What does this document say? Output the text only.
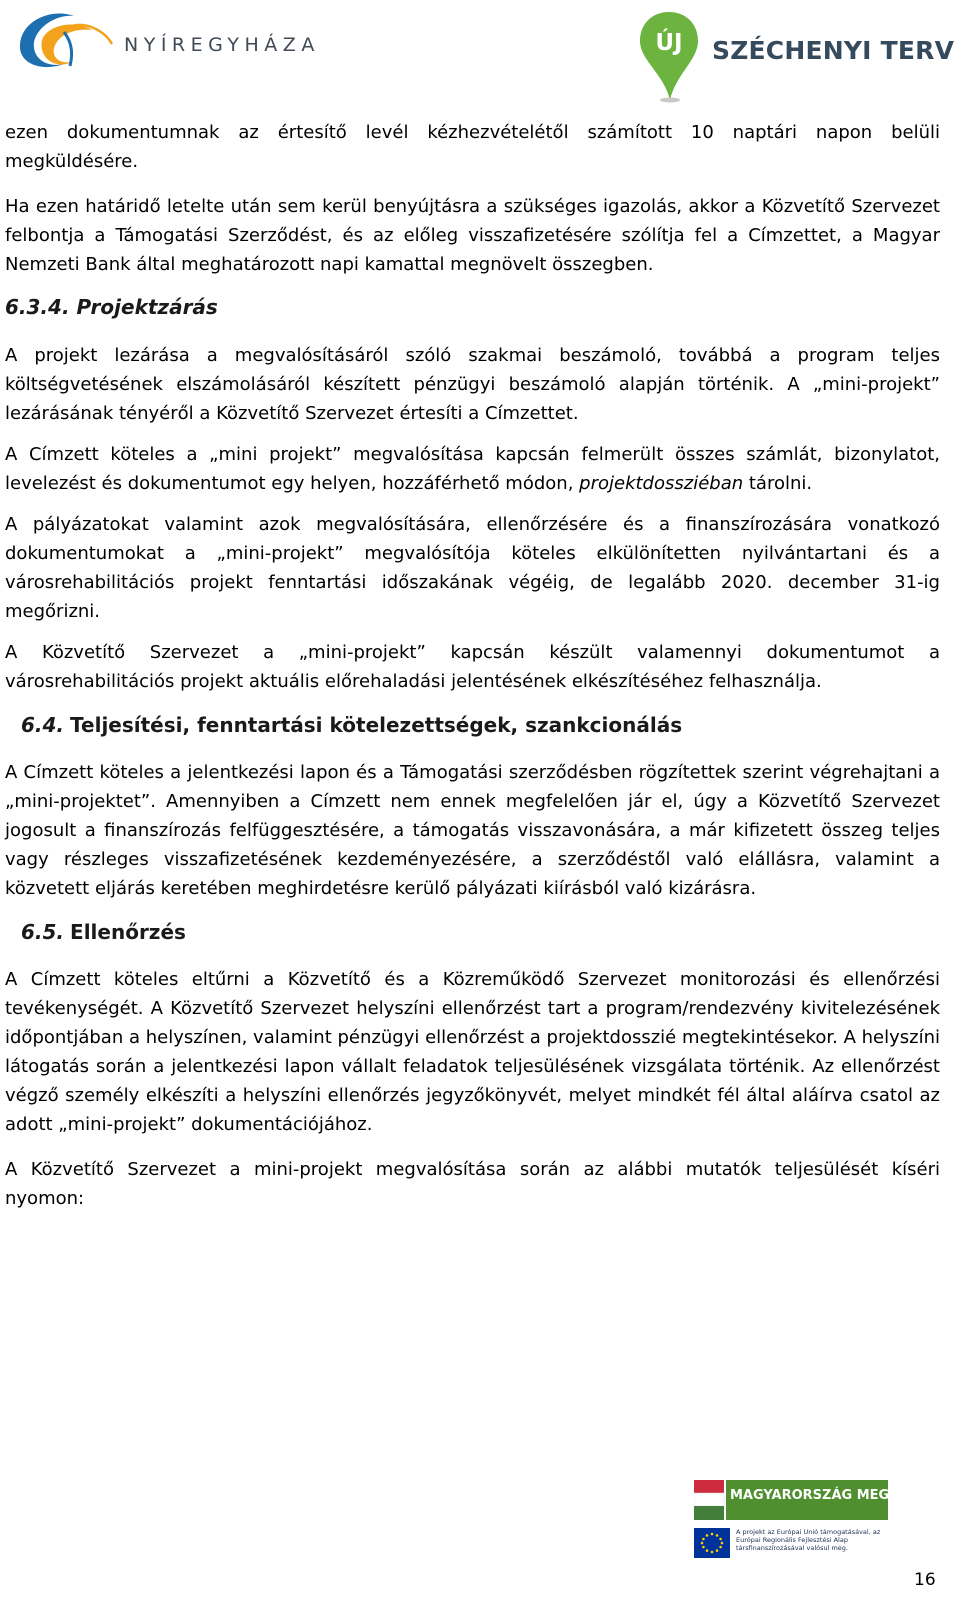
NYÍREGYHÁZA	ÚJ	SZÉCHENYI TERV

ezen dokumentumnak az értesítő levél kézhezvételétől számított 10 naptári napon belüli megküldésére.

Ha ezen határidő letelte után sem kerül benyújtásra a szükséges igazolás, akkor a Közvetítő Szervezet felbontja a Támogatási Szerződést, és az előleg visszafizetésére szólítja fel a Címzettet, a Magyar Nemzeti Bank által meghatározott napi kamattal megnövelt összegben.

6.3.4. Projektzárás

A projekt lezárása a megvalósításáról szóló szakmai beszámoló, továbbá a program teljes költségvetésének elszámolásáról készített pénzügyi beszámoló alapján történik. A „mini-projekt” lezárásának tényéről a Közvetítő Szervezet értesíti a Címzettet.

A Címzett köteles a „mini projekt” megvalósítása kapcsán felmerült összes számlát, bizonylatot, levelezést és dokumentumot egy helyen, hozzáférhető módon, projektdossziéban tárolni.

A pályázatokat valamint azok megvalósítására, ellenőrzésére és a finanszírozására vonatkozó dokumentumokat a „mini-projekt” megvalósítója köteles elkülönítetten nyilvántartani és a városrehabilitációs projekt fenntartási időszakának végéig, de legalább 2020. december 31-ig megőrizni.

A Közvetítő Szervezet a „mini-projekt” kapcsán készült valamennyi dokumentumot a városrehabilitációs projekt aktuális előrehaladási jelentésének elkészítéséhez felhasználja.

6.4. Teljesítési, fenntartási kötelezettségek, szankcionálás

A Címzett köteles a jelentkezési lapon és a Támogatási szerződésben rögzítettek szerint végrehajtani a „mini-projektet”. Amennyiben a Címzett nem ennek megfelelően jár el, úgy a Közvetítő Szervezet jogosult a finanszírozás felfüggesztésére, a támogatás visszavonására, a már kifizetett összeg teljes vagy részleges visszafizetésének kezdeményezésére, a szerződéstől való elállásra, valamint a közvetett eljárás keretében meghirdetésre kerülő pályázati kiírásból való kizárásra.

6.5. Ellenőrzés

A Címzett köteles eltűrni a Közvetítő és a Közreműködő Szervezet monitorozási és ellenőrzési tevékenységét. A Közvetítő Szervezet helyszíni ellenőrzést tart a program/rendezvény kivitelezésének időpontjában a helyszínen, valamint pénzügyi ellenőrzést a projektdosszié megtekintésekor. A helyszíni látogatás során a jelentkezési lapon vállalt feladatok teljesülésének vizsgálata történik. Az ellenőrzést végző személy elkészíti a helyszíni ellenőrzés jegyzőkönyvét, melyet mindkét fél által aláírva csatol az adott „mini-projekt” dokumentációjához.

A Közvetítő Szervezet a mini-projekt megvalósítása során az alábbi mutatók teljesülését kíséri nyomon:

MAGYARORSZÁG MEGÚJUL
A projekt az Európai Unió támogatásával, az Európai Regionális Fejlesztési Alap társfinanszírozásával valósul meg.
16
